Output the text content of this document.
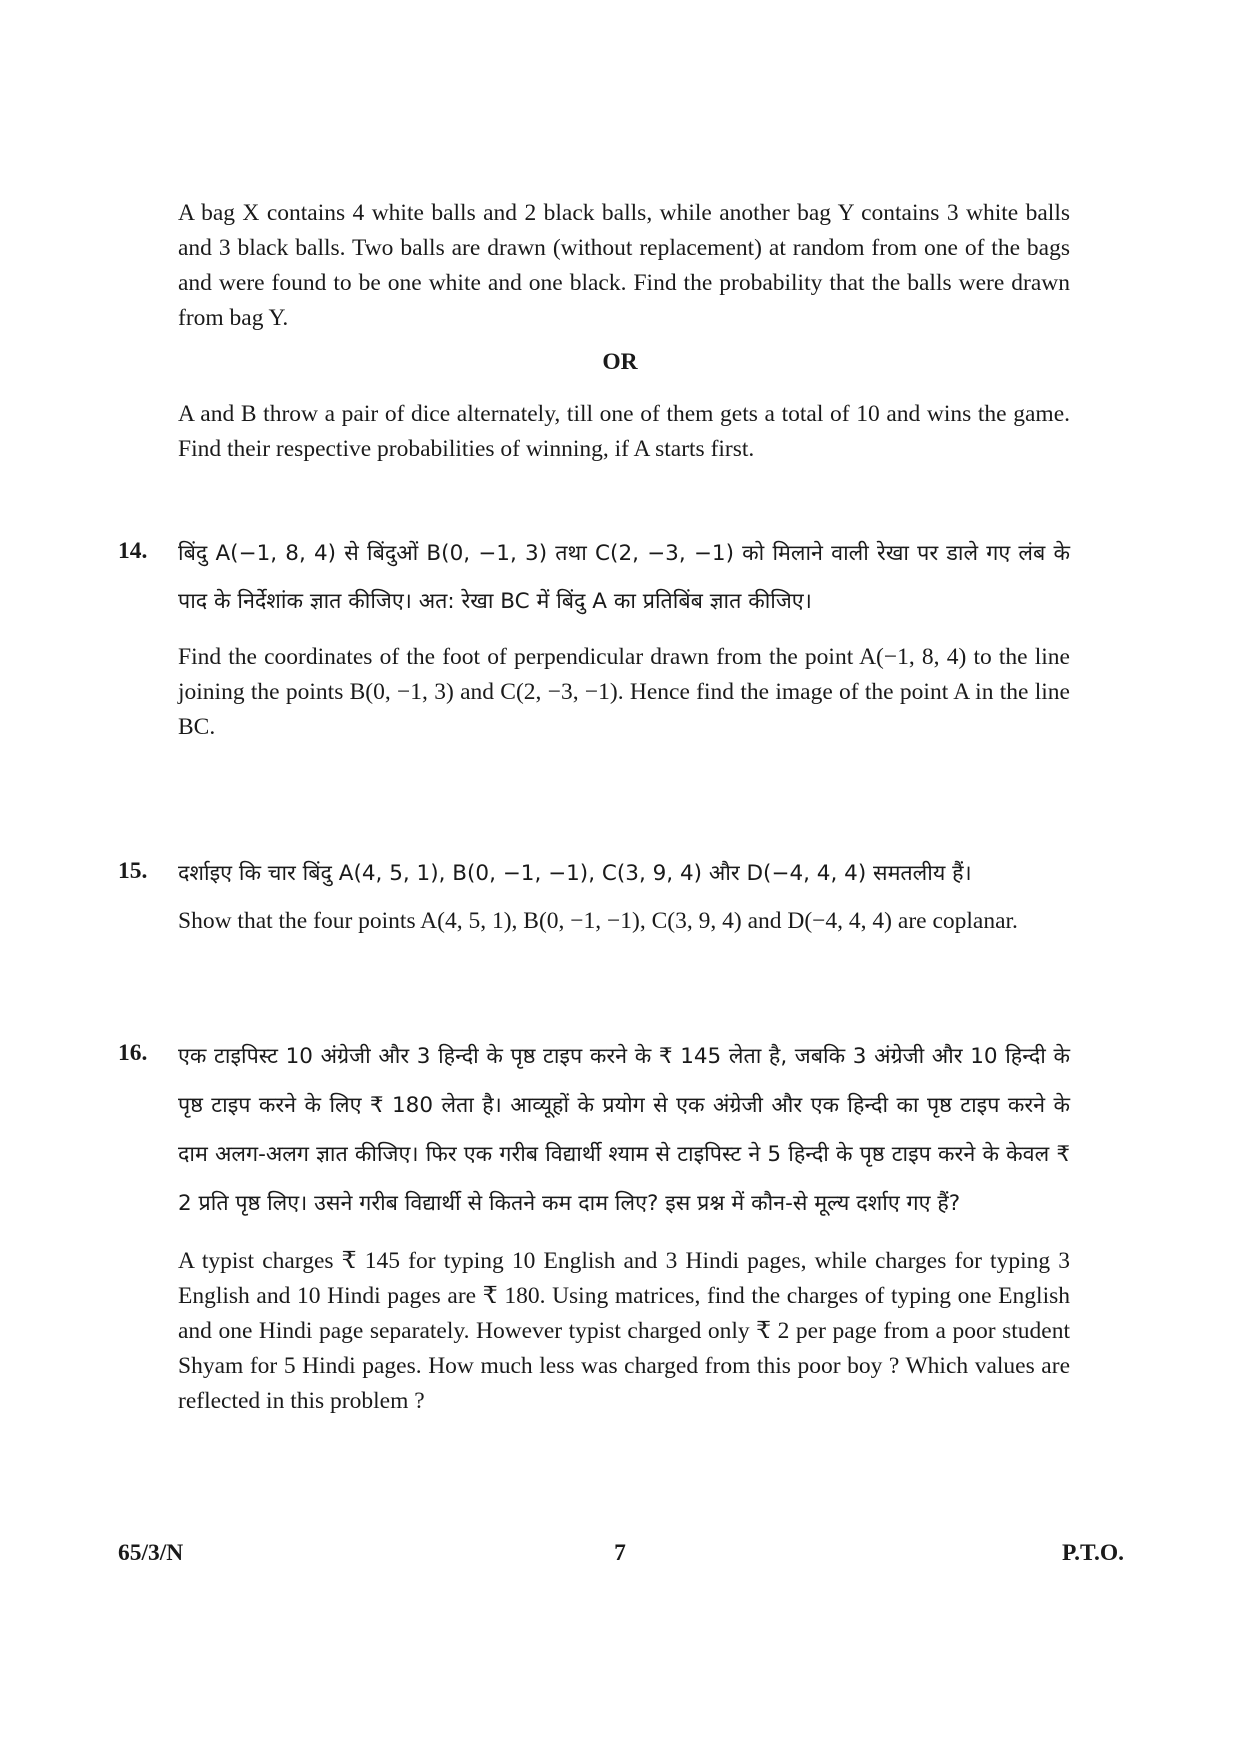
A bag X contains 4 white balls and 2 black balls, while another bag Y contains 3 white balls and 3 black balls. Two balls are drawn (without replacement) at random from one of the bags and were found to be one white and one black. Find the probability that the balls were drawn from bag Y.

OR

A and B throw a pair of dice alternately, till one of them gets a total of 10 and wins the game. Find their respective probabilities of winning, if A starts first.

14. बिंदु A(−1, 8, 4) से बिंदुओं B(0, −1, 3) तथा C(2, −3, −1) को मिलाने वाली रेखा पर डाले गए लंब के पाद के निर्देशांक ज्ञात कीजिए। अत: रेखा BC में बिंदु A का प्रतिबिंब ज्ञात कीजिए।

Find the coordinates of the foot of perpendicular drawn from the point A(−1, 8, 4) to the line joining the points B(0, −1, 3) and C(2, −3, −1). Hence find the image of the point A in the line BC.

15. दर्शाइए कि चार बिंदु A(4, 5, 1), B(0, −1, −1), C(3, 9, 4) और D(−4, 4, 4) समतलीय हैं।

Show that the four points A(4, 5, 1), B(0, −1, −1), C(3, 9, 4) and D(−4, 4, 4) are coplanar.

16. एक टाइपिस्ट 10 अंग्रेजी और 3 हिन्दी के पृष्ठ टाइप करने के ₹ 145 लेता है, जबकि 3 अंग्रेजी और 10 हिन्दी के पृष्ठ टाइप करने के लिए ₹ 180 लेता है। आव्यूहों के प्रयोग से एक अंग्रेजी और एक हिन्दी का पृष्ठ टाइप करने के दाम अलग-अलग ज्ञात कीजिए। फिर एक गरीब विद्यार्थी श्याम से टाइपिस्ट ने 5 हिन्दी के पृष्ठ टाइप करने के केवल ₹ 2 प्रति पृष्ठ लिए। उसने गरीब विद्यार्थी से कितने कम दाम लिए? इस प्रश्न में कौन-से मूल्य दर्शाए गए हैं?

A typist charges ₹ 145 for typing 10 English and 3 Hindi pages, while charges for typing 3 English and 10 Hindi pages are ₹ 180. Using matrices, find the charges of typing one English and one Hindi page separately. However typist charged only ₹ 2 per page from a poor student Shyam for 5 Hindi pages. How much less was charged from this poor boy ? Which values are reflected in this problem ?

65/3/N	7	P.T.O.
